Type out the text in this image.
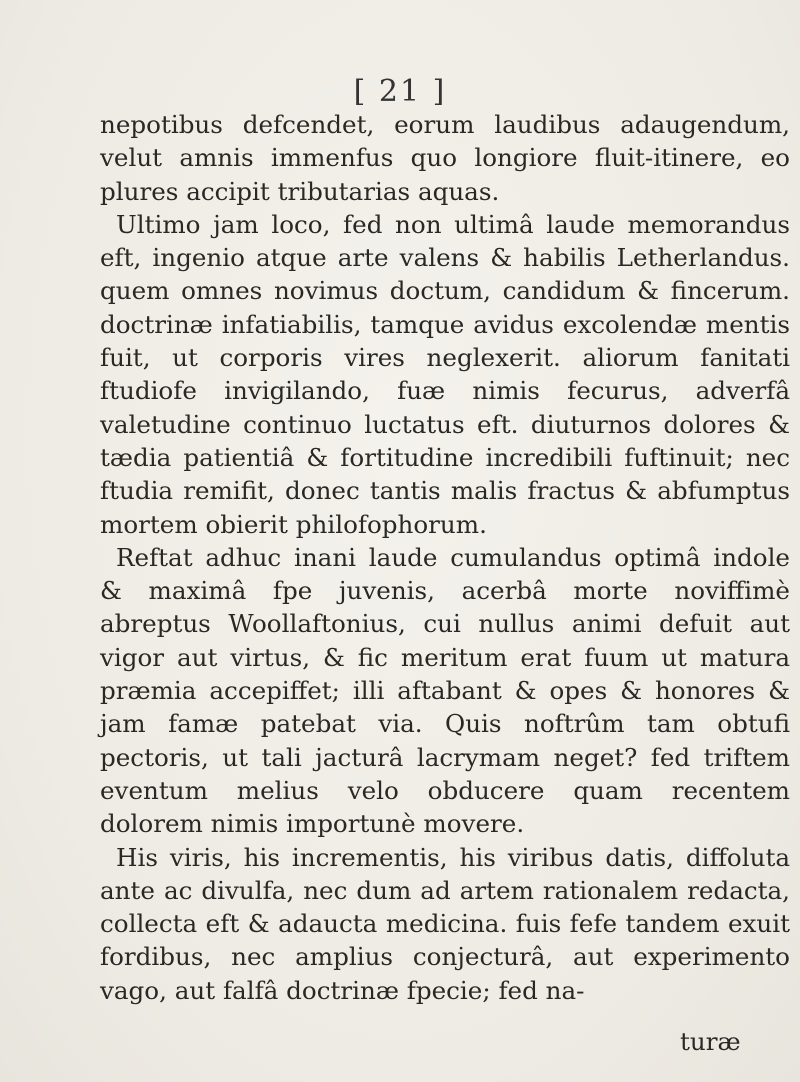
[ 21 ]

nepotibus defcendet, eorum laudibus adaugendum, velut amnis immenfus quo longiore fluit-itinere, eo plures accipit tributarias aquas.

Ultimo jam loco, fed non ultimâ laude memorandus eft, ingenio atque arte valens & habilis Letherlandus. quem omnes novimus doctum, candidum & fincerum. doctrinæ infatiabilis, tamque avidus excolendæ mentis fuit, ut corporis vires neglexerit. aliorum fanitati ftudiofe invigilando, fuæ nimis fecurus, adverfâ valetudine continuo luctatus eft. diuturnos dolores & tædia patientiâ & fortitudine incredibili fuftinuit; nec ftudia remifit, donec tantis malis fractus & abfumptus mortem obierit philofophorum.

Reftat adhuc inani laude cumulandus optimâ indole & maximâ fpe juvenis, acerbâ morte noviffimè abreptus Woollaftonius, cui nullus animi defuit aut vigor aut virtus, & fic meritum erat fuum ut matura præmia accepiffet; illi aftabant & opes & honores & jam famæ patebat via. Quis noftrûm tam obtufi pectoris, ut tali jacturâ lacrymam neget? fed triftem eventum melius velo obducere quam recentem dolorem nimis importunè movere.

His viris, his incrementis, his viribus datis, diffoluta ante ac divulfa, nec dum ad artem rationalem redacta, collecta eft & adaucta medicina. fuis fefe tandem exuit fordibus, nec amplius conjecturâ, aut experimento vago, aut falfâ doctrinæ fpecie; fed na-

turæ
